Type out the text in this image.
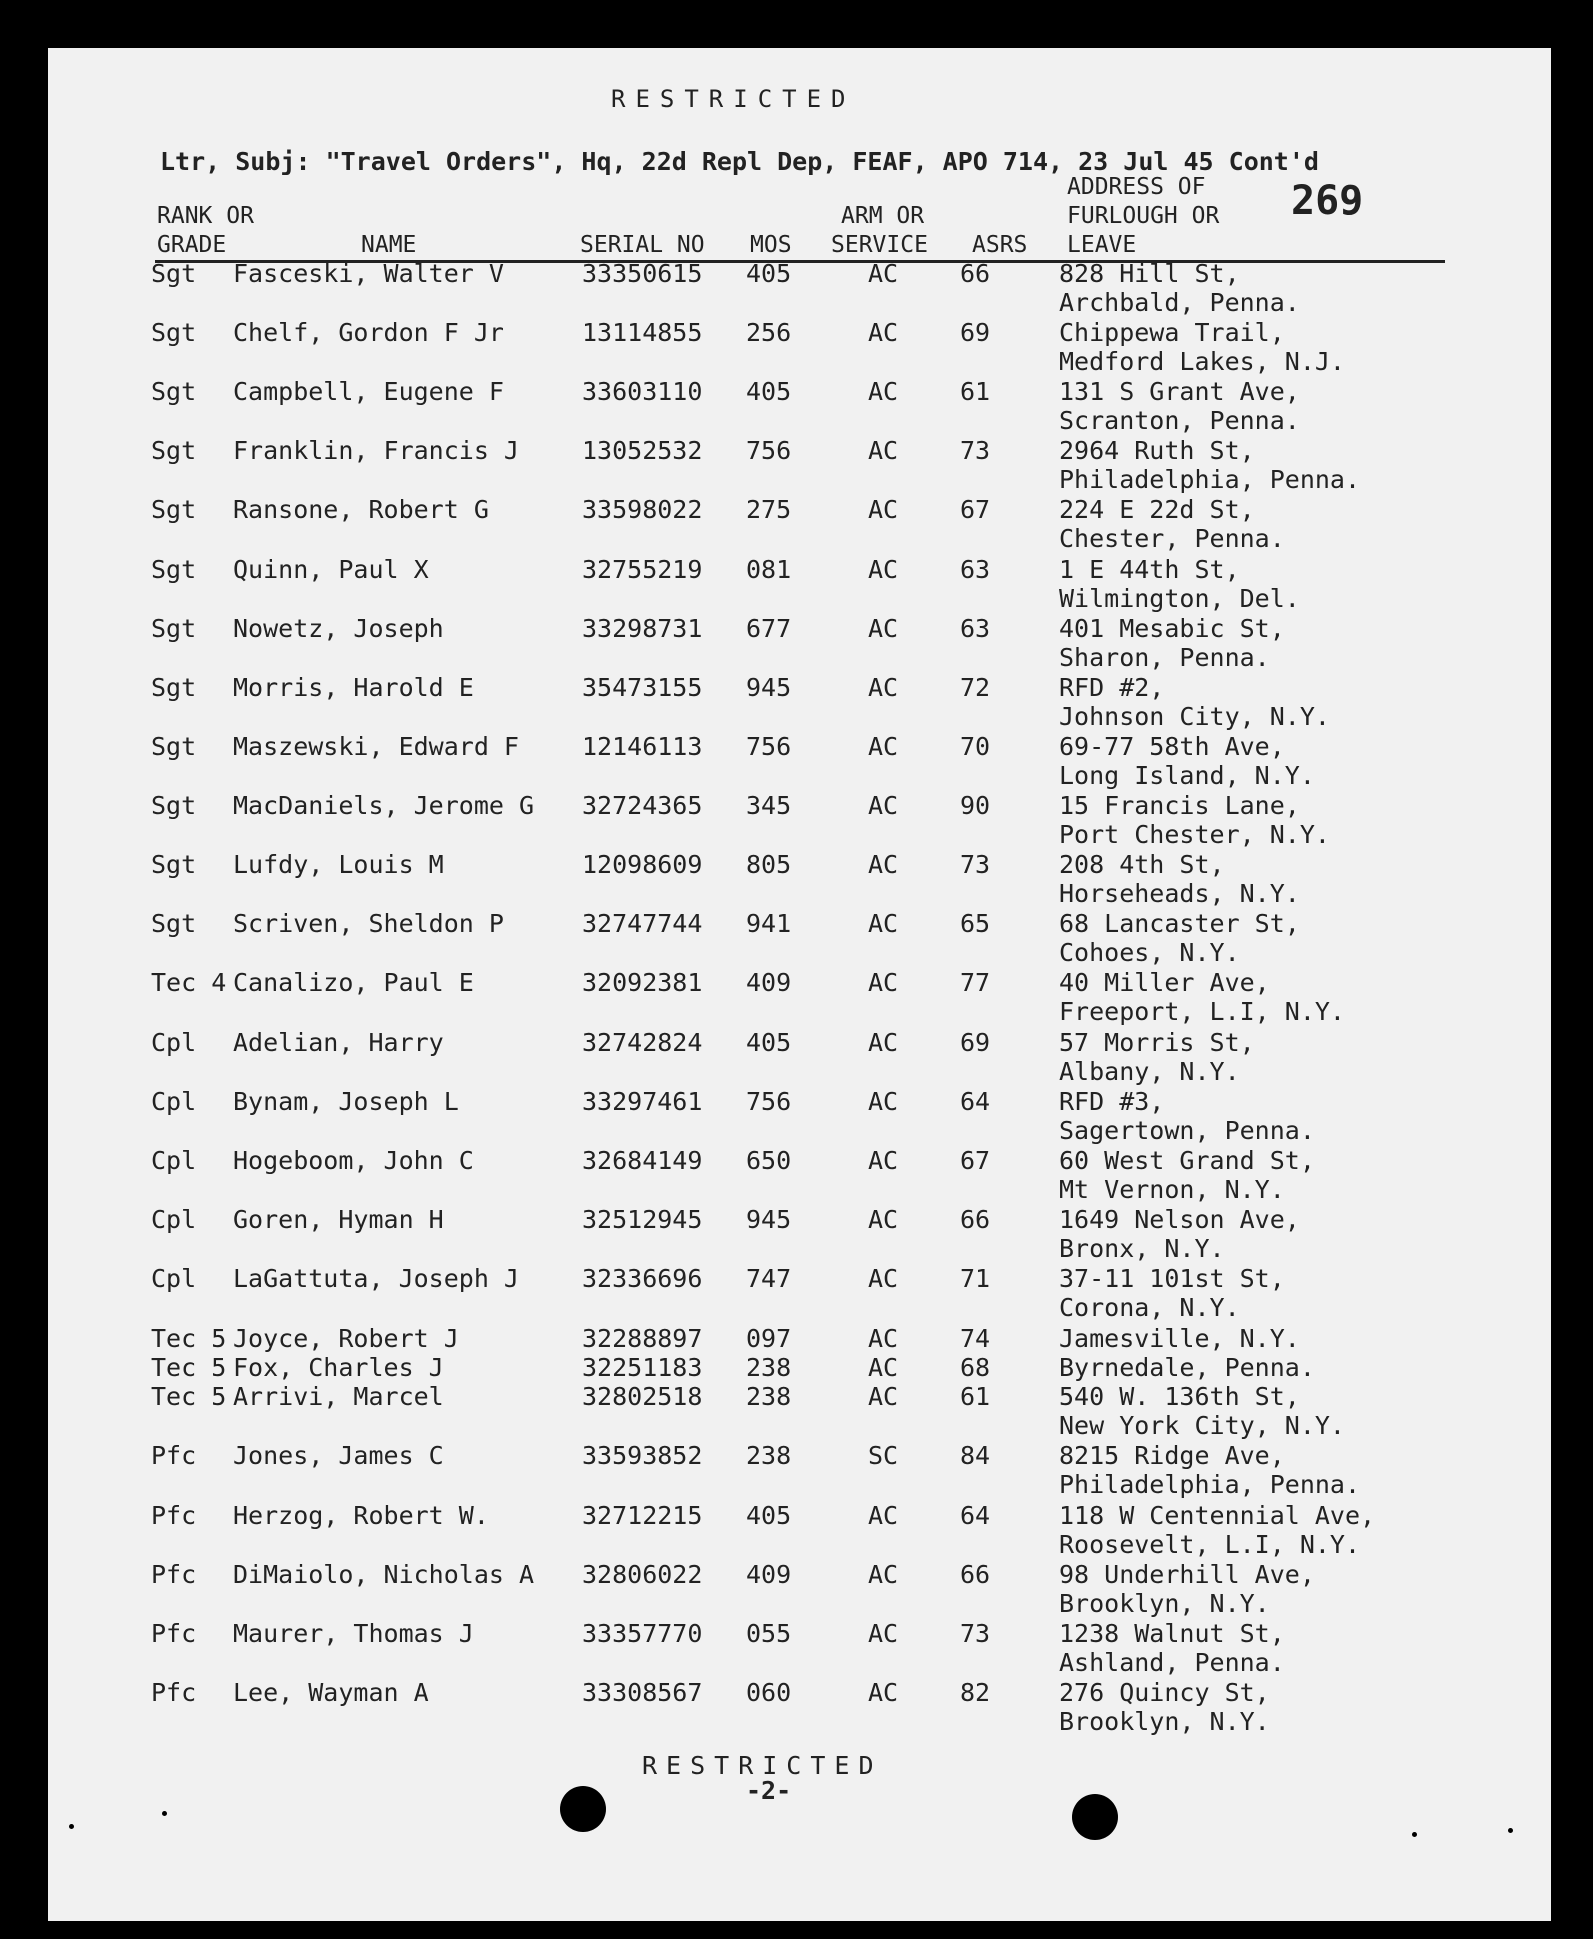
RESTRICTED
Ltr, Subj: "Travel Orders", Hq, 22d Repl Dep, FEAF, APO 714, 23 Jul 45 Cont'd
269
RANK OR
GRADE	NAME	SERIAL NO MOS
ARM OR
SERVICE ASRS
ADDRESS OF
FURLOUGH OR
LEAVE
Sgt Fasceski, Walter V	33350615 405	AC 66	828 Hill St,
Archbald, Penna.
Sgt Chelf, Gordon F Jr	13114855 256	AC 69	Chippewa Trail,
Medford Lakes, N.J.
Sgt Campbell, Eugene F	33603110 405	AC 61	131 S Grant Ave,
Scranton, Penna.
Sgt Franklin, Francis J	13052532 756	AC 73	2964 Ruth St,
Philadelphia, Penna.
Sgt Ransone, Robert G	33598022 275	AC 67	224 E 22d St,
Chester, Penna.
Sgt Quinn, Paul X	32755219 081	AC 63	1 E 44th St,
Wilmington, Del.
Sgt Nowetz, Joseph	33298731 677	AC 63	401 Mesabic St,
Sharon, Penna.
Sgt Morris, Harold E	35473155 945	AC 72	RFD #2,
Johnson City, N.Y.
Sgt Maszewski, Edward F	12146113 756	AC 70	69-77 58th Ave,
Long Island, N.Y.
Sgt MacDaniels, Jerome G 32724365 345	AC 90	15 Francis Lane,
Port Chester, N.Y.
Sgt Lufdy, Louis M	12098609 805	AC 73	208 4th St,
Horseheads, N.Y.
Sgt Scriven, Sheldon P	32747744 941	AC 65	68 Lancaster St,
Cohoes, N.Y.
Tec 4 Canalizo, Paul E	32092381 409	AC 77	40 Miller Ave,
Freeport, L.I, N.Y.
Cpl Adelian, Harry	32742824 405	AC 69	57 Morris St,
Albany, N.Y.
Cpl Bynam, Joseph L	33297461 756	AC 64	RFD #3,
Sagertown, Penna.
Cpl Hogeboom, John C	32684149 650	AC 67	60 West Grand St,
Mt Vernon, N.Y.
Cpl Goren, Hyman H	32512945 945	AC 66	1649 Nelson Ave,
Bronx, N.Y.
Cpl LaGattuta, Joseph J	32336696 747	AC 71	37-11 101st St,
Corona, N.Y.
Tec 5 Joyce, Robert J	32288897 097	AC 74	Jamesville, N.Y.
Tec 5 Fox, Charles J	32251183 238	AC 68	Byrnedale, Penna.
Tec 5 Arrivi, Marcel	32802518 238	AC 61	540 W. 136th St,
New York City, N.Y.
Pfc Jones, James C	33593852 238	SC 84	8215 Ridge Ave,
Philadelphia, Penna.
Pfc Herzog, Robert W.	32712215 405	AC 64	118 W Centennial Ave,
Roosevelt, L.I, N.Y.
Pfc DiMaiolo, Nicholas A 32806022 409	AC 66	98 Underhill Ave,
Brooklyn, N.Y.
Pfc Maurer, Thomas J	33357770 055	AC 73	1238 Walnut St,
Ashland, Penna.
Pfc Lee, Wayman A	33308567 060	AC 82	276 Quincy St,
Brooklyn, N.Y.
RESTRICTED
-2-
